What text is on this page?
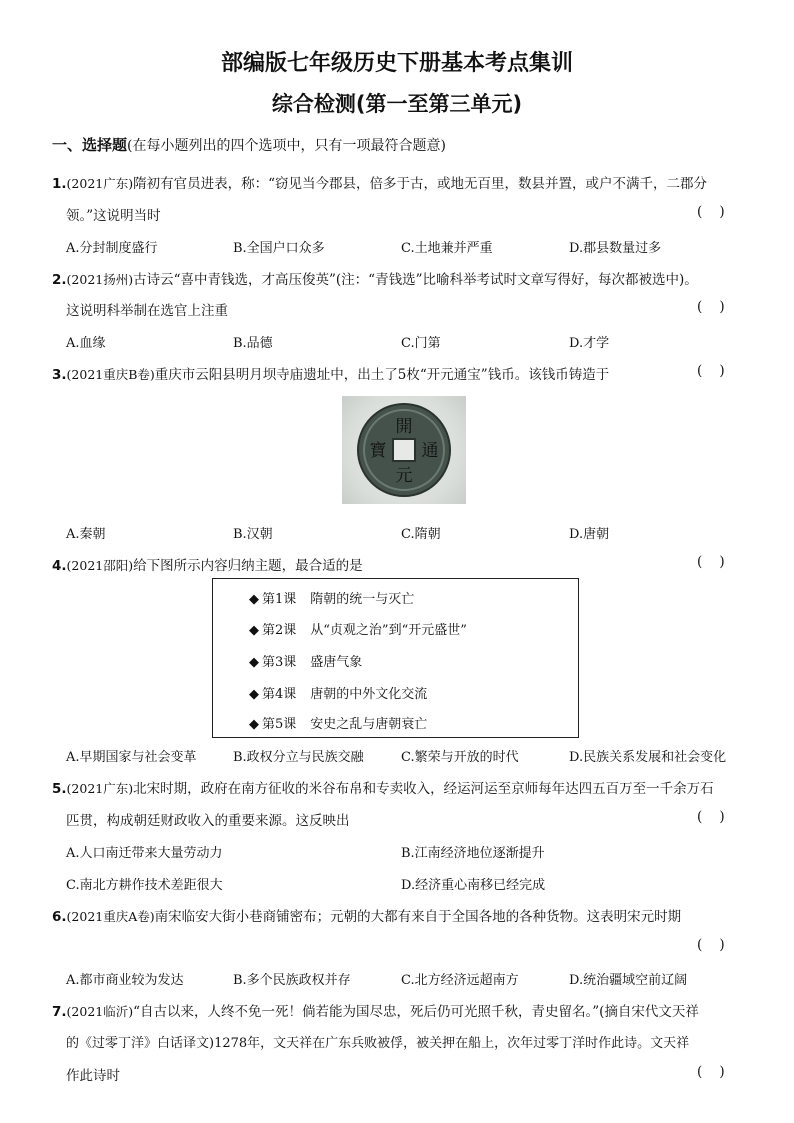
部编版七年级历史下册基本考点集训
综合检测(第一至第三单元)
一、选择题(在每小题列出的四个选项中，只有一项最符合题意)
1.(2021广东)隋初有官员进表，称：“窃见当今郡县，倍多于古，或地无百里，数县并置，或户不满千，二郡分
领。”这说明当时	(    )
A.分封制度盛行	B.全国户口众多	C.土地兼并严重	D.郡县数量过多
2.(2021扬州)古诗云“喜中青钱选，才高压俊英”(注：“青钱选”比喻科举考试时文章写得好，每次都被选中)。
这说明科举制在选官上注重	(    )
A.血缘	B.品德	C.门第	D.才学
3.(2021重庆B卷)重庆市云阳县明月坝寺庙遗址中，出土了5枚“开元通宝”钱币。该钱币铸造于	(    )
開
通
元
寶
A.秦朝	B.汉朝	C.隋朝	D.唐朝
4.(2021邵阳)给下图所示内容归纳主题，最合适的是	(    )
◆ 第1课 隋朝的统一与灭亡
◆ 第2课 从“贞观之治”到“开元盛世”
◆ 第3课 盛唐气象
◆ 第4课 唐朝的中外文化交流
◆ 第5课 安史之乱与唐朝衰亡
A.早期国家与社会变革	B.政权分立与民族交融	C.繁荣与开放的时代	D.民族关系发展和社会变化
5.(2021广东)北宋时期，政府在南方征收的米谷布帛和专卖收入，经运河运至京师每年达四五百万至一千余万石
匹贯，构成朝廷财政收入的重要来源。这反映出	(    )
A.人口南迁带来大量劳动力	B.江南经济地位逐渐提升
C.南北方耕作技术差距很大	D.经济重心南移已经完成
6.(2021重庆A卷)南宋临安大街小巷商铺密布；元朝的大都有来自于全国各地的各种货物。这表明宋元时期
(    )
A.都市商业较为发达	B.多个民族政权并存	C.北方经济远超南方	D.统治疆域空前辽阔
7.(2021临沂)“自古以来，人终不免一死！倘若能为国尽忠，死后仍可光照千秋，青史留名。”(摘自宋代文天祥
的《过零丁洋》白话译文)1278年，文天祥在广东兵败被俘，被关押在船上，次年过零丁洋时作此诗。文天祥
作此诗时	(    )
